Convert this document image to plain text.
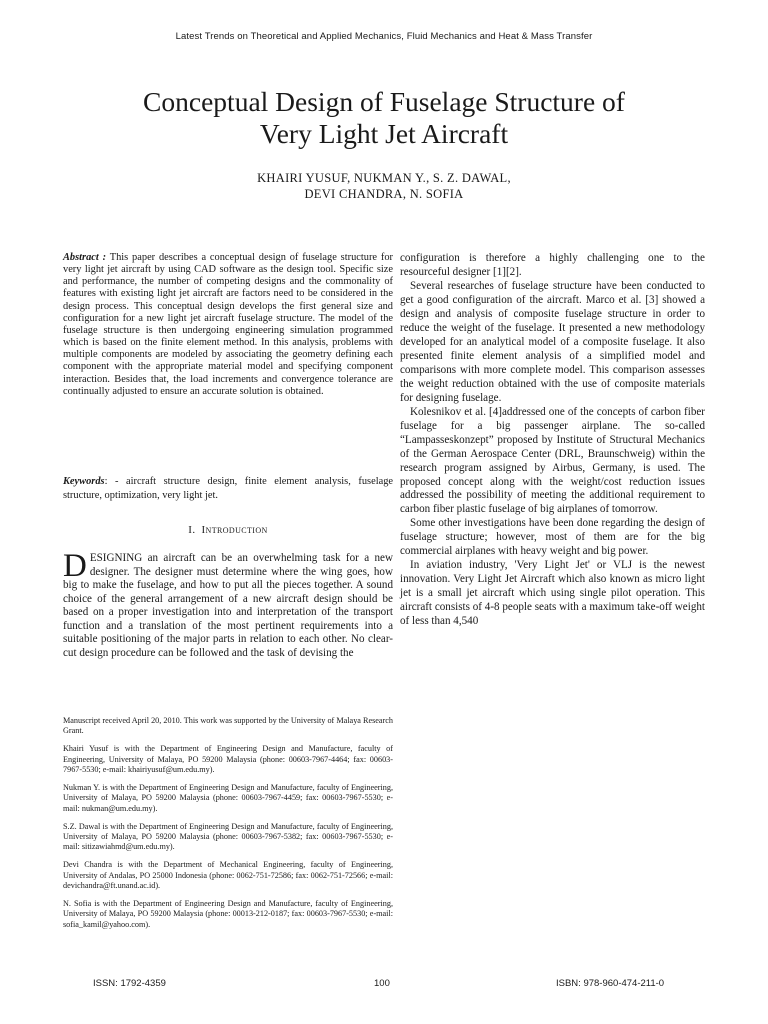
Latest Trends on Theoretical and Applied Mechanics, Fluid Mechanics and Heat & Mass Transfer
Conceptual Design of Fuselage Structure of
Very Light Jet Aircraft
KHAIRI YUSUF, NUKMAN Y., S. Z. DAWAL,
DEVI CHANDRA, N. SOFIA
Abstract : This paper describes a conceptual design of fuselage structure for very light jet aircraft by using CAD software as the design tool. Specific size and performance, the number of competing designs and the commonality of features with existing light jet aircraft are factors need to be considered in the design process. This conceptual design develops the first general size and configuration for a new light jet aircraft fuselage structure. The model of the fuselage structure is then undergoing engineering simulation programmed which is based on the finite element method. In this analysis, problems with multiple components are modeled by associating the geometry defining each component with the appropriate material model and specifying component interaction. Besides that, the load increments and convergence tolerance are continually adjusted to ensure an accurate solution is obtained.
Keywords: - aircraft structure design, finite element analysis, fuselage structure, optimization, very light jet.
I. Introduction
DESIGNING an aircraft can be an overwhelming task for a new designer. The designer must determine where the wing goes, how big to make the fuselage, and how to put all the pieces together. A sound choice of the general arrangement of a new aircraft design should be based on a proper investigation into and interpretation of the transport function and a translation of the most pertinent requirements into a suitable positioning of the major parts in relation to each other. No clear-cut design procedure can be followed and the task of devising the

Manuscript received April 20, 2010. This work was supported by the University of Malaya Research Grant.

Khairi Yusuf is with the Department of Engineering Design and Manufacture, faculty of Engineering, University of Malaya, PO 59200 Malaysia (phone: 00603-7967-4464; fax: 00603-7967-5530; e-mail: khairiyusuf@um.edu.my).

Nukman Y. is with the Department of Engineering Design and Manufacture, faculty of Engineering, University of Malaya, PO 59200 Malaysia (phone: 00603-7967-4459; fax: 00603-7967-5530; e-mail: nukman@um.edu.my).

S.Z. Dawal is with the Department of Engineering Design and Manufacture, faculty of Engineering, University of Malaya, PO 59200 Malaysia (phone: 00603-7967-5382; fax: 00603-7967-5530; e-mail: sitizawiahmd@um.edu.my).

Devi Chandra is with the Department of Mechanical Engineering, faculty of Engineering, University of Andalas, PO 25000 Indonesia (phone: 0062-751-72586; fax: 0062-751-72566; e-mail: devichandra@ft.unand.ac.id).

N. Sofia is with the Department of Engineering Design and Manufacture, faculty of Engineering, University of Malaya, PO 59200 Malaysia (phone: 00013-212-0187; fax: 00603-7967-5530; e-mail: sofia_kamil@yahoo.com).

configuration is therefore a highly challenging one to the resourceful designer [1][2].

Several researches of fuselage structure have been conducted to get a good configuration of the aircraft. Marco et al. [3] showed a design and analysis of composite fuselage structure in order to reduce the weight of the fuselage. It presented a new methodology developed for an analytical model of a composite fuselage. It also presented finite element analysis of a simplified model and comparisons with more complete model. This comparison assesses the weight reduction obtained with the use of composite materials for designing fuselage.

Kolesnikov et al. [4]addressed one of the concepts of carbon fiber fuselage for a big passenger airplane. The so-called “Lampasseskonzept” proposed by Institute of Structural Mechanics of the German Aerospace Center (DRL, Braunschweig) within the research program assigned by Airbus, Germany, is used. The proposed concept along with the weight/cost reduction issues addressed the possibility of meeting the additional requirement to carbon fiber plastic fuselage of big airplanes of tomorrow.

Some other investigations have been done regarding the design of fuselage structure; however, most of them are for the big commercial airplanes with heavy weight and big power.

In aviation industry, 'Very Light Jet' or VLJ is the newest innovation. Very Light Jet Aircraft which also known as micro light jet is a small jet aircraft which using single pilot operation. This aircraft consists of 4-8 people seats with a maximum take-off weight of less than 4,540

ISSN: 1792-4359	100	ISBN: 978-960-474-211-0
